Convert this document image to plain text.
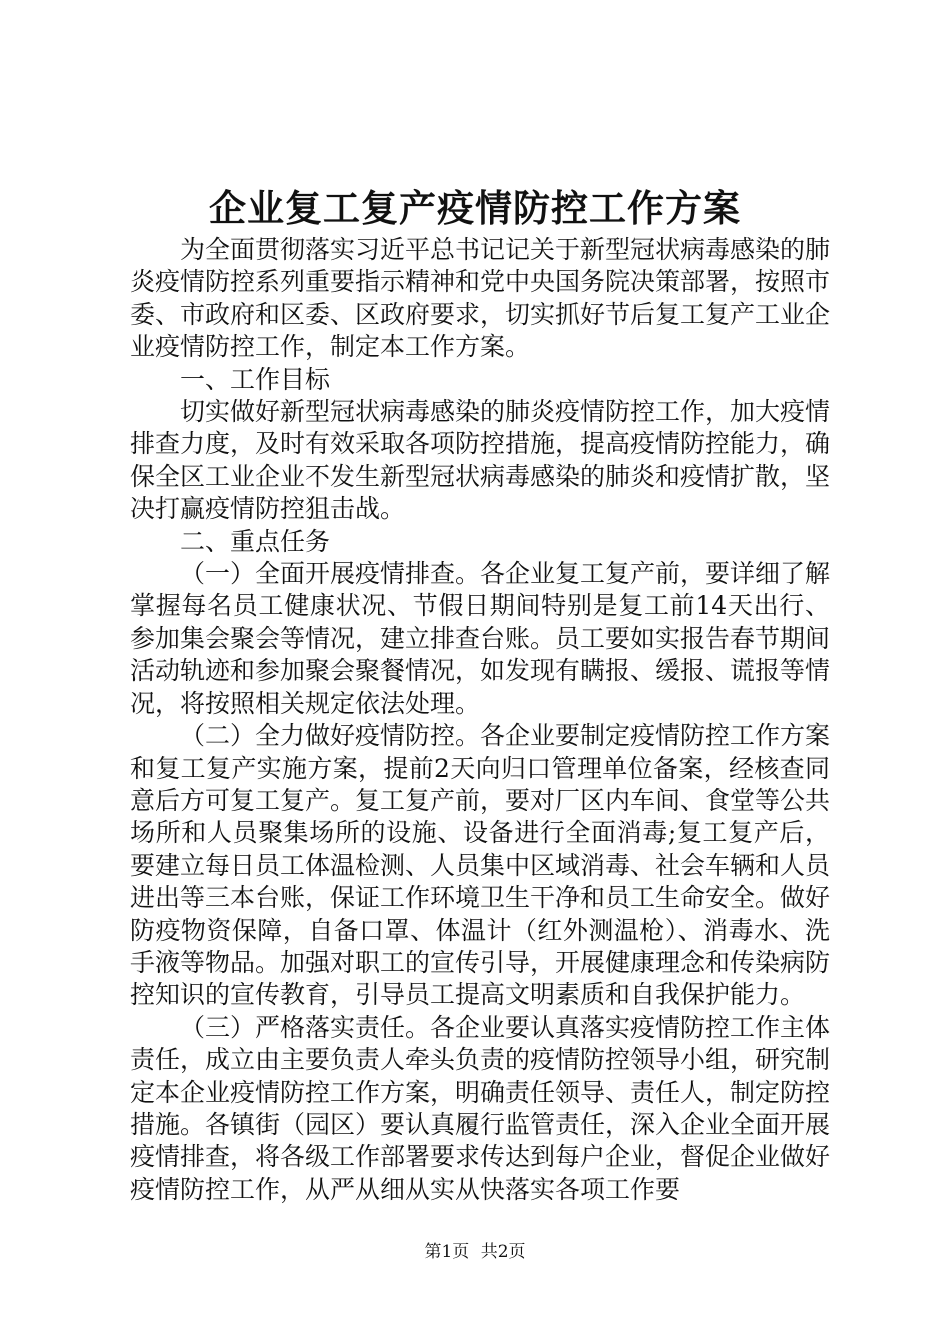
企业复工复产疫情防控工作方案

为全面贯彻落实习近平总书记记关于新型冠状病毒感染的肺炎疫情防控系列重要指示精神和党中央国务院决策部署，按照市委、市政府和区委、区政府要求，切实抓好节后复工复产工业企业疫情防控工作，制定本工作方案。

一、工作目标

切实做好新型冠状病毒感染的肺炎疫情防控工作，加大疫情排查力度，及时有效采取各项防控措施，提高疫情防控能力，确保全区工业企业不发生新型冠状病毒感染的肺炎和疫情扩散，坚决打赢疫情防控狙击战。

二、重点任务

（一）全面开展疫情排查。各企业复工复产前，要详细了解掌握每名员工健康状况、节假日期间特别是复工前14天出行、参加集会聚会等情况，建立排查台账。员工要如实报告春节期间活动轨迹和参加聚会聚餐情况，如发现有瞒报、缓报、谎报等情况，将按照相关规定依法处理。

（二）全力做好疫情防控。各企业要制定疫情防控工作方案和复工复产实施方案，提前2天向归口管理单位备案，经核查同意后方可复工复产。复工复产前，要对厂区内车间、食堂等公共场所和人员聚集场所的设施、设备进行全面消毒;复工复产后，要建立每日员工体温检测、人员集中区域消毒、社会车辆和人员进出等三本台账，保证工作环境卫生干净和员工生命安全。做好防疫物资保障，自备口罩、体温计（红外测温枪）、消毒水、洗手液等物品。加强对职工的宣传引导，开展健康理念和传染病防控知识的宣传教育，引导员工提高文明素质和自我保护能力。

（三）严格落实责任。各企业要认真落实疫情防控工作主体责任，成立由主要负责人牵头负责的疫情防控领导小组，研究制定本企业疫情防控工作方案，明确责任领导、责任人，制定防控措施。各镇街（园区）要认真履行监管责任，深入企业全面开展疫情排查，将各级工作部署要求传达到每户企业，督促企业做好疫情防控工作，从严从细从实从快落实各项工作要

第1页 共2页
